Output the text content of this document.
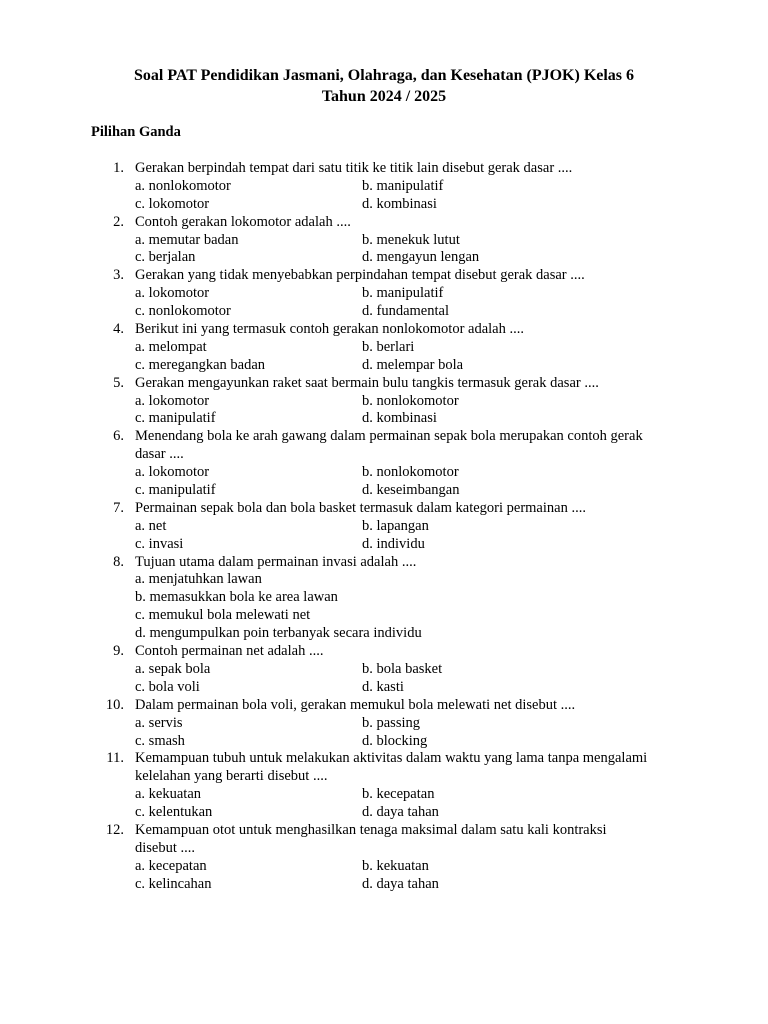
Soal PAT Pendidikan Jasmani, Olahraga, dan Kesehatan (PJOK) Kelas 6
Tahun 2024 / 2025
Pilihan Ganda
1. Gerakan berpindah tempat dari satu titik ke titik lain disebut gerak dasar ....
a. nonlokomotor	b. manipulatif
c. lokomotor	d. kombinasi
2. Contoh gerakan lokomotor adalah ....
a. memutar badan	b. menekuk lutut
c. berjalan	d. mengayun lengan
3. Gerakan yang tidak menyebabkan perpindahan tempat disebut gerak dasar ....
a. lokomotor	b. manipulatif
c. nonlokomotor	d. fundamental
4. Berikut ini yang termasuk contoh gerakan nonlokomotor adalah ....
a. melompat	b. berlari
c. meregangkan badan	d. melempar bola
5. Gerakan mengayunkan raket saat bermain bulu tangkis termasuk gerak dasar ....
a. lokomotor	b. nonlokomotor
c. manipulatif	d. kombinasi
6. Menendang bola ke arah gawang dalam permainan sepak bola merupakan contoh gerak
dasar ....
a. lokomotor	b. nonlokomotor
c. manipulatif	d. keseimbangan
7. Permainan sepak bola dan bola basket termasuk dalam kategori permainan ....
a. net	b. lapangan
c. invasi	d. individu
8. Tujuan utama dalam permainan invasi adalah ....
a. menjatuhkan lawan
b. memasukkan bola ke area lawan
c. memukul bola melewati net
d. mengumpulkan poin terbanyak secara individu
9. Contoh permainan net adalah ....
a. sepak bola	b. bola basket
c. bola voli	d. kasti
10. Dalam permainan bola voli, gerakan memukul bola melewati net disebut ....
a. servis	b. passing
c. smash	d. blocking
11. Kemampuan tubuh untuk melakukan aktivitas dalam waktu yang lama tanpa mengalami
kelelahan yang berarti disebut ....
a. kekuatan	b. kecepatan
c. kelentukan	d. daya tahan
12. Kemampuan otot untuk menghasilkan tenaga maksimal dalam satu kali kontraksi
disebut ....
a. kecepatan	b. kekuatan
c. kelincahan	d. daya tahan
